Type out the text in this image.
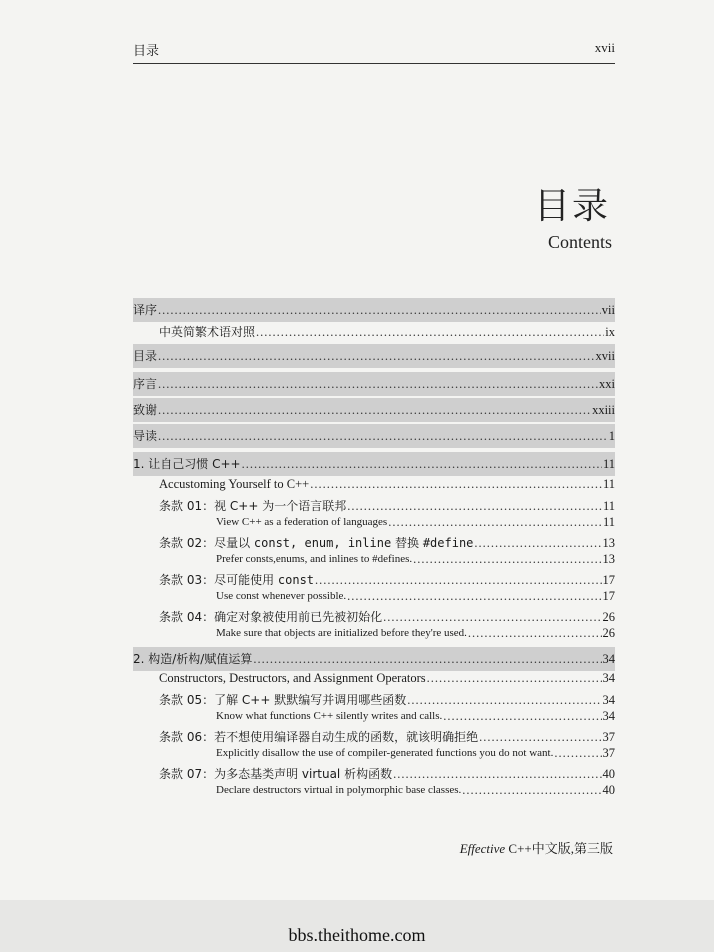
目录	xvii
目录
Contents
译序 .....	vii
中英简繁术语对照 .....	ix
目录 .....	xvii
序言 .....	xxi
致谢 .....	xxiii
导读 .....	1
1. 让自己习惯 C++ .....	11
Accustoming Yourself to C++ .....	11
条款 01：视 C++ 为一个语言联邦 .....	11
View C++ as a federation of languages .....	11
条款 02：尽量以 const, enum, inline 替换 #define .....	13
Prefer consts,enums, and inlines to #defines. .....	13
条款 03：尽可能使用 const .....	17
Use const whenever possible. .....	17
条款 04：确定对象被使用前已先被初始化 .....	26
Make sure that objects are initialized before they're used. .....	26
2. 构造/析构/赋值运算 .....	34
Constructors, Destructors, and Assignment Operators .....	34
条款 05：了解 C++ 默默编写并调用哪些函数 .....	34
Know what functions C++ silently writes and calls. .....	34
条款 06：若不想使用编译器自动生成的函数，就该明确拒绝 .....	37
Explicitly disallow the use of compiler-generated functions you do not want. .....	37
条款 07：为多态基类声明 virtual 析构函数 .....	40
Declare destructors virtual in polymorphic base classes. .....	40
Effective C++中文版,第三版
bbs.theithome.com
